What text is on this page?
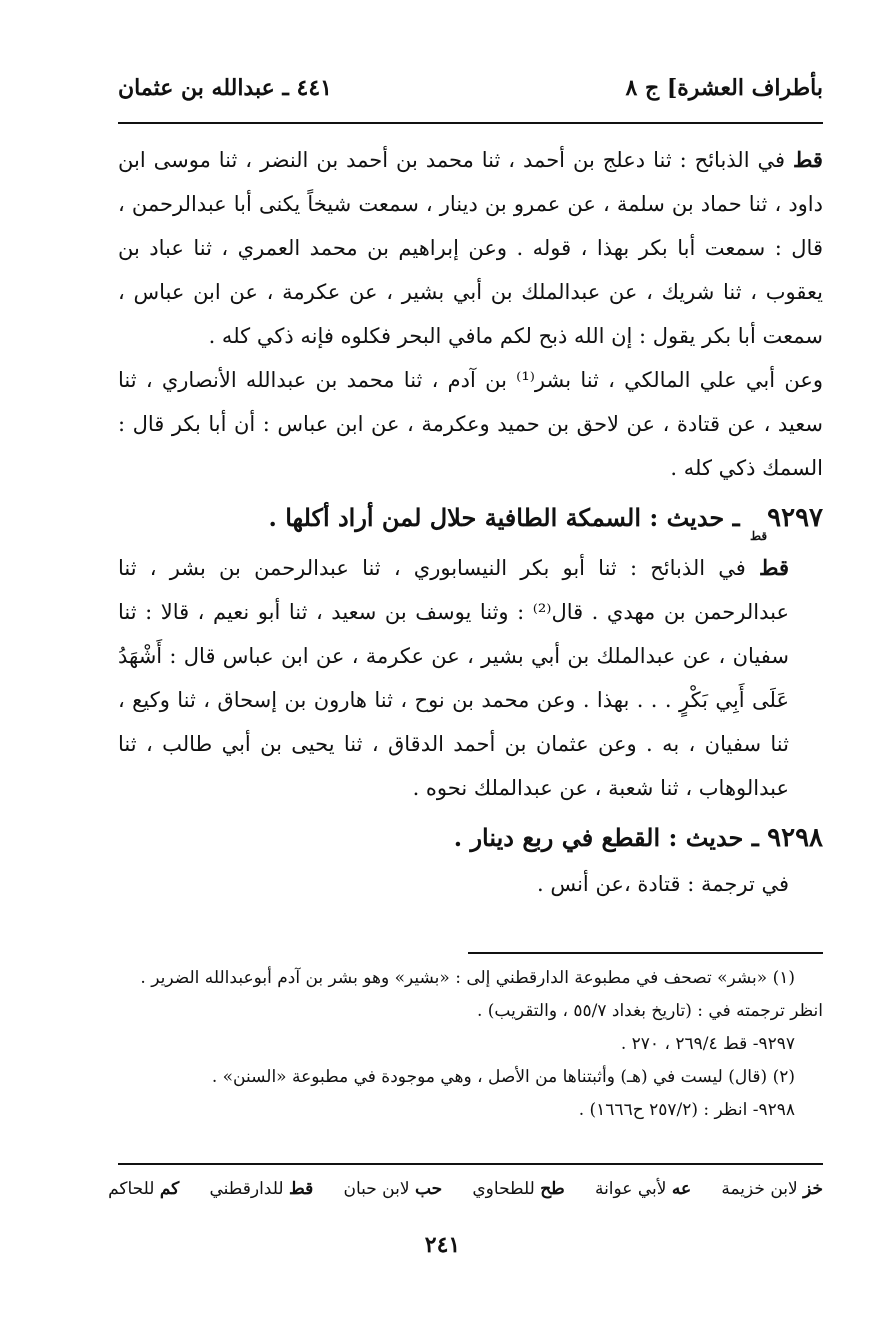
بأطراف العشرة] ج ٨
٤٤١ ـ عبدالله بن عثمان

قط في الذبائح : ثنا دعلج بن أحمد ، ثنا محمد بن أحمد بن النضر ، ثنا موسى ابن داود ، ثنا حماد بن سلمة ، عن عمرو بن دينار ، سمعت شيخاً يكنى أبا عبدالرحمن ، قال : سمعت أبا بكر بهذا ، قوله . وعن إبراهيم بن محمد العمري ، ثنا عباد بن يعقوب ، ثنا شريك ، عن عبدالملك بن أبي بشير ، عن عكرمة ، عن ابن عباس ، سمعت أبا بكر يقول : إن الله ذبح لكم مافي البحر فكلوه فإنه ذكي كله .

وعن أبي علي المالكي ، ثنا بشر⁽¹⁾ بن آدم ، ثنا محمد بن عبدالله الأنصاري ، ثنا سعيد ، عن قتادة ، عن لاحق بن حميد وعكرمة ، عن ابن عباس : أن أبا بكر قال : السمك ذكي كله .

$٩٢٩٧_{قط}$ ـ حديث : السمكة الطافية حلال لمن أراد أكلها .

قط في الذبائح : ثنا أبو بكر النيسابوري ، ثنا عبدالرحمن بن بشر ، ثنا عبدالرحمن بن مهدي . قال⁽²⁾ : وثنا يوسف بن سعيد ، ثنا أبو نعيم ، قالا : ثنا سفيان ، عن عبدالملك بن أبي بشير ، عن عكرمة ، عن ابن عباس قال : أَشْهَدُ عَلَى أَبِي بَكْرٍ . . . بهذا . وعن محمد بن نوح ، ثنا هارون بن إسحاق ، ثنا وكيع ، ثنا سفيان ، به . وعن عثمان بن أحمد الدقاق ، ثنا يحيى بن أبي طالب ، ثنا عبدالوهاب ، ثنا شعبة ، عن عبدالملك نحوه .

٩٢٩٨ ـ حديث : القطع في ربع دينار .

في ترجمة : قتادة ،عن أنس .

(١) «بشر» تصحف في مطبوعة الدارقطني إلى : «بشير» وهو بشر بن آدم أبوعبدالله الضرير .

انظر ترجمته في : (تاريخ بغداد ٥٥/٧ ، والتقريب) .

٩٢٩٧- قط ٢٦٩/٤ ، ٢٧٠ .

(٢) (قال) ليست في (هـ) وأثبتناها من الأصل ، وهي موجودة في مطبوعة «السنن» .

٩٢٩٨- انظر : (٢٥٧/٢ ح١٦٦٦) .

خز لابن خزيمة
عه لأبي عوانة
طح للطحاوي
حب لابن حبان
قط للدارقطني
كم للحاكم
٢٤١
